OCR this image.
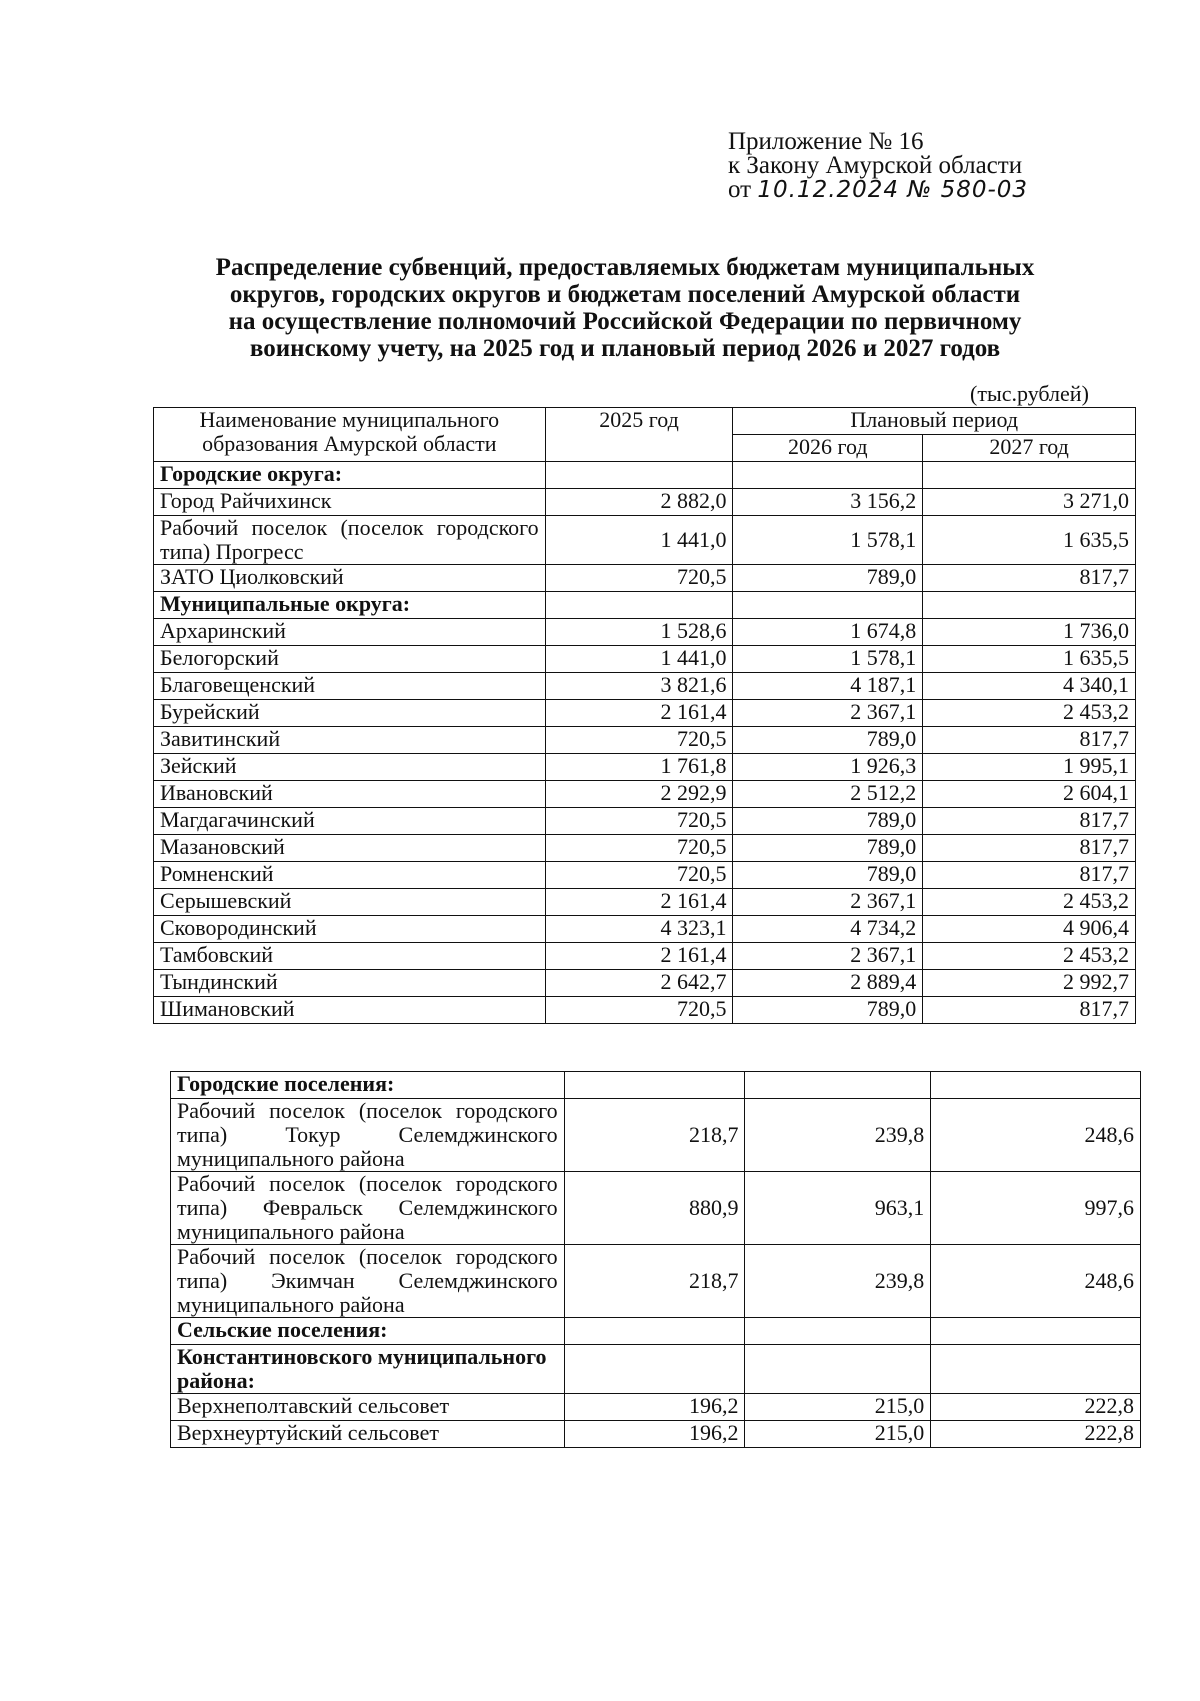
Приложение № 16
к Закону Амурской области
от 10.12.2024 № 580-03
Распределение субвенций, предоставляемых бюджетам муниципальных
округов, городских округов и бюджетам поселений Амурской области
на осуществление полномочий Российской Федерации по первичному
воинскому учету, на 2025 год и плановый период 2026 и 2027 годов
(тыс.рублей)
Наименование муниципального
образования Амурской области	2025 год	Плановый период	
		2026 год	2027 год
Городские округа:			
Город Райчихинск	2 882,0	3 156,2	3 271,0
Рабочий поселок (поселок городского типа) Прогресс	1 441,0	1 578,1	1 635,5
ЗАТО Циолковский	720,5	789,0	817,7
Муниципальные округа:			
Архаринский	1 528,6	1 674,8	1 736,0
Белогорский	1 441,0	1 578,1	1 635,5
Благовещенский	3 821,6	4 187,1	4 340,1
Бурейский	2 161,4	2 367,1	2 453,2
Завитинский	720,5	789,0	817,7
Зейский	1 761,8	1 926,3	1 995,1
Ивановский	2 292,9	2 512,2	2 604,1
Магдагачинский	720,5	789,0	817,7
Мазановский	720,5	789,0	817,7
Ромненский	720,5	789,0	817,7
Серышевский	2 161,4	2 367,1	2 453,2
Сковородинский	4 323,1	4 734,2	4 906,4
Тамбовский	2 161,4	2 367,1	2 453,2
Тындинский	2 642,7	2 889,4	2 992,7
Шимановский	720,5	789,0	817,7
Городские поселения:			
Рабочий поселок (поселок городского типа) Токур Селемджинского муниципального района	218,7	239,8	248,6
Рабочий поселок (поселок городского типа) Февральск Селемджинского муниципального района	880,9	963,1	997,6
Рабочий поселок (поселок городского типа) Экимчан Селемджинского муниципального района	218,7	239,8	248,6
Сельские поселения:			
Константиновского муниципального района:			
Верхнеполтавский сельсовет	196,2	215,0	222,8
Верхнеуртуйский сельсовет	196,2	215,0	222,8
